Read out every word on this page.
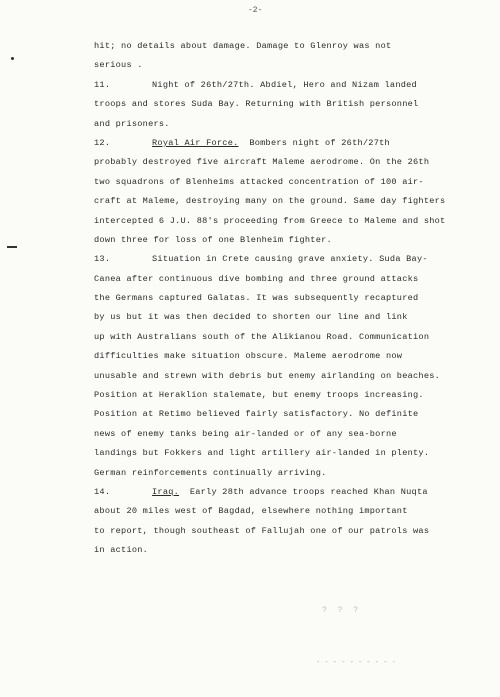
-2-
hit; no details about damage. Damage to Glenroy was not
serious .
11.	Night of 26th/27th. Abdiel, Hero and Nizam landed
troops and stores Suda Bay. Returning with British personnel
and prisoners.
12.	Royal Air Force.  Bombers night of 26th/27th
probably destroyed five aircraft Maleme aerodrome. On the 26th
two squadrons of Blenheims attacked concentration of 100 air-
craft at Maleme, destroying many on the ground. Same day fighters
intercepted 6 J.U. 88's proceeding from Greece to Maleme and shot
down three for loss of one Blenheim fighter.
13.	Situation in Crete causing grave anxiety. Suda Bay-
Canea after continuous dive bombing and three ground attacks
the Germans captured Galatas. It was subsequently recaptured
by us but it was then decided to shorten our line and link
up with Australians south of the Alikianou Road. Communication
difficulties make situation obscure. Maleme aerodrome now
unusable and strewn with debris but enemy airlanding on beaches.
Position at Heraklion stalemate, but enemy troops increasing.
Position at Retimo believed fairly satisfactory. No definite
news of enemy tanks being air-landed or of any sea-borne
landings but Fokkers and light artillery air-landed in plenty.
German reinforcements continually arriving.
14.	Iraq.  Early 28th advance troops reached Khan Nuqta
about 20 miles west of Bagdad, elsewhere nothing important
to report, though southeast of Fallujah one of our patrols was
in action.
? ? ?
- - - - - - - - - -
